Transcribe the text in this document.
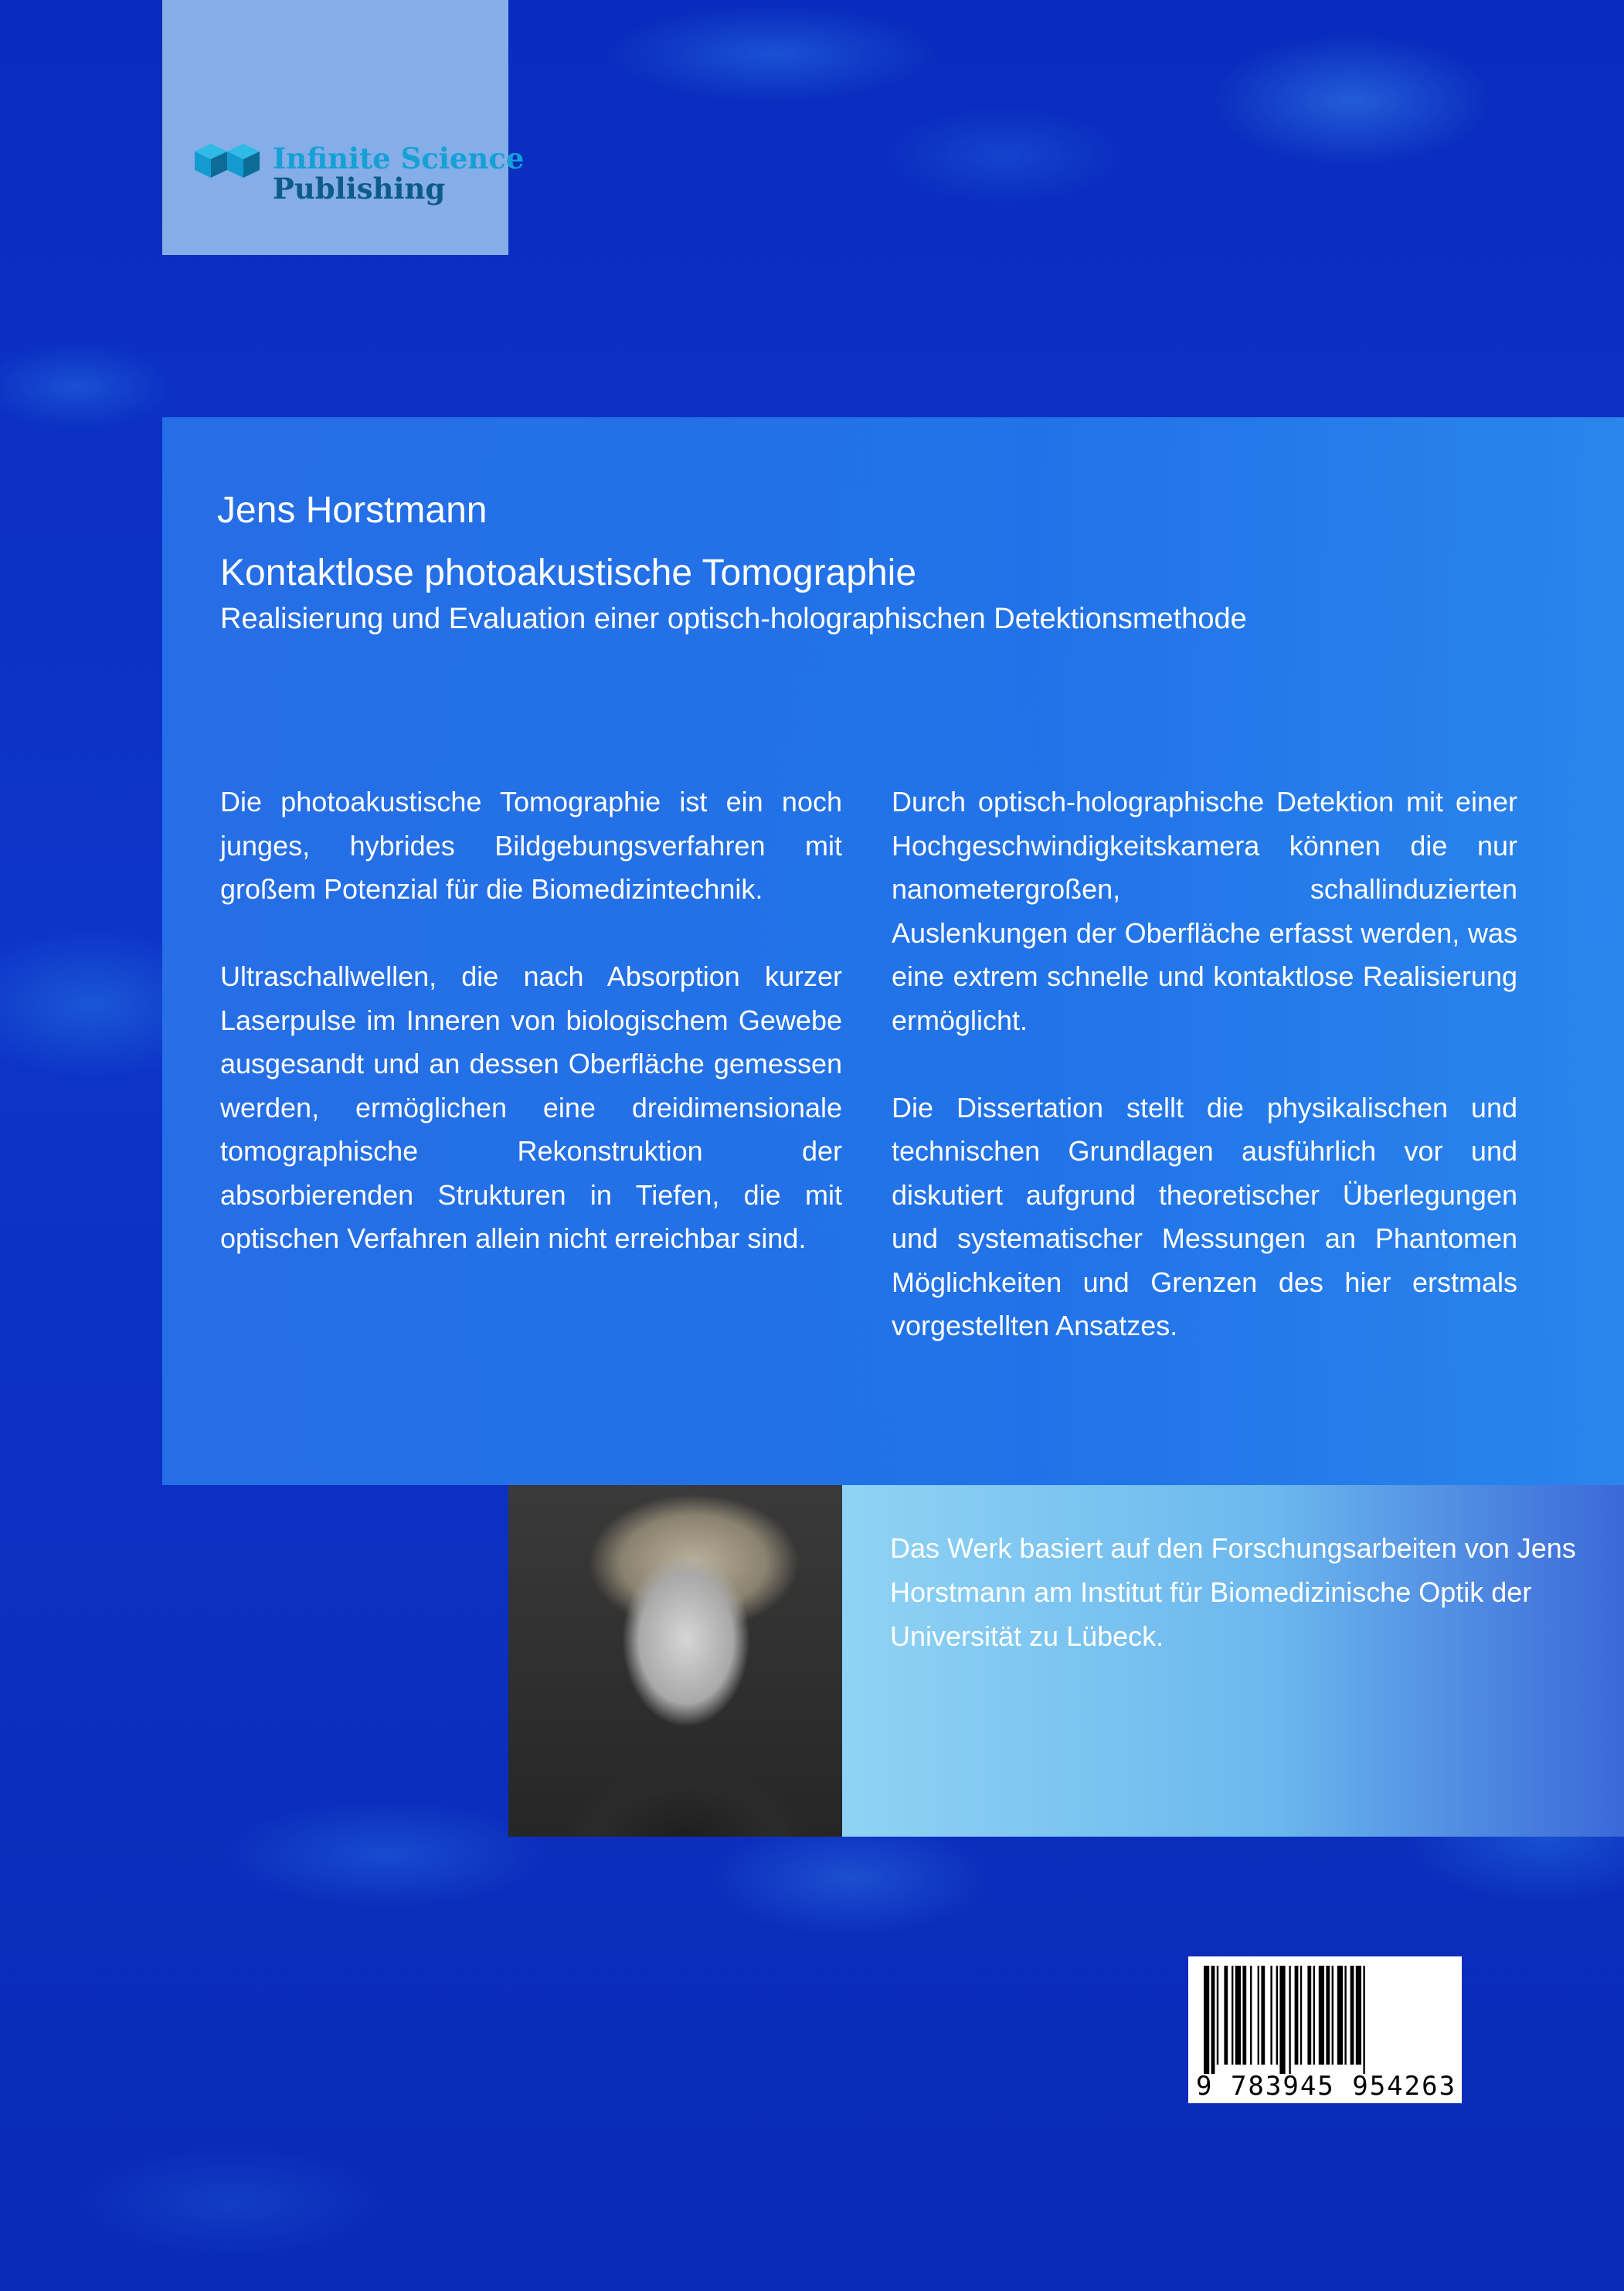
Infinite Science
Publishing
Jens Horstmann
Kontaktlose photoakustische Tomographie
Realisierung und Evaluation einer optisch-holographischen Detektionsmethode

Die photoakustische Tomographie ist ein noch junges, hybrides Bildgebungsverfahren mit großem Potenzial für die Biomedizintechnik.

Ultraschallwellen, die nach Absorption kurzer Laserpulse im Inneren von biologischem Gewebe ausgesandt und an dessen Oberfläche gemessen werden, ermöglichen eine dreidimensionale tomographische Rekonstruktion der absorbierenden Strukturen in Tiefen, die mit optischen Verfahren allein nicht erreichbar sind.

Durch optisch-holographische Detektion mit einer Hochgeschwindigkeitskamera können die nur nanometergroßen, schallinduzierten Auslenkungen der Oberfläche erfasst werden, was eine extrem schnelle und kontaktlose Realisierung ermöglicht.

Die Dissertation stellt die physikalischen und technischen Grundlagen ausführlich vor und diskutiert aufgrund theoretischer Überlegungen und systematischer Messungen an Phantomen Möglichkeiten und Grenzen des hier erstmals vorgestellten Ansatzes.

Das Werk basiert auf den Forschungsarbeiten von Jens Horstmann am Institut für Biomedizinische Optik der Universität zu Lübeck.
9 783945 954263
